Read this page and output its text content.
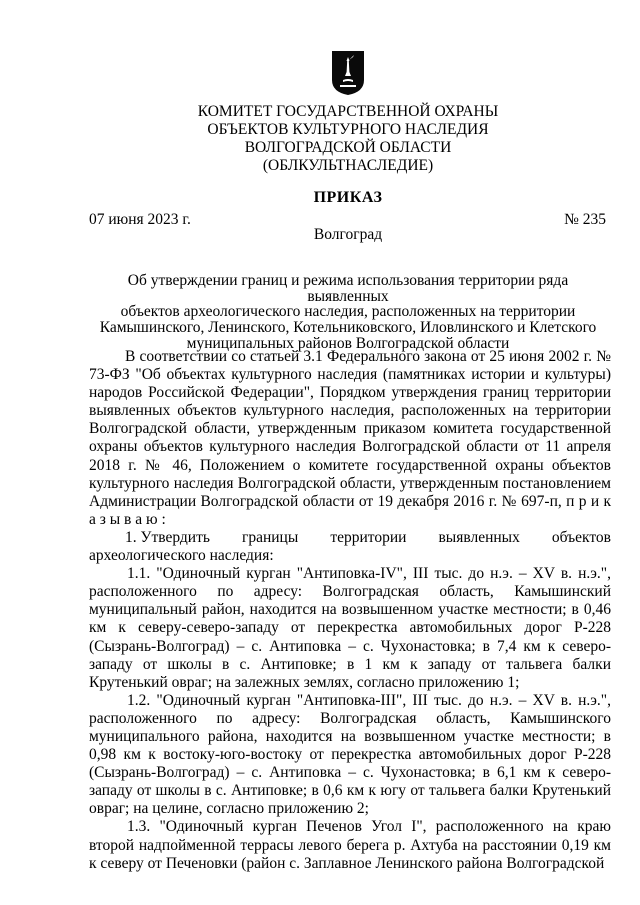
КОМИТЕТ ГОСУДАРСТВЕННОЙ ОХРАНЫ
ОБЪЕКТОВ КУЛЬТУРНОГО НАСЛЕДИЯ
ВОЛГОГРАДСКОЙ ОБЛАСТИ
(ОБЛКУЛЬТНАСЛЕДИЕ)
ПРИКАЗ
07 июня 2023 г.	№ 235
Волгоград
Об утверждении границ и режима использования территории ряда выявленных
объектов археологического наследия, расположенных на территории
Камышинского, Ленинского, Котельниковского, Иловлинского и Клетского
муниципальных районов Волгоградской области

В соответствии со статьей 3.1 Федерального закона от 25 июня 2002 г. № 73-ФЗ "Об объектах культурного наследия (памятниках истории и культуры) народов Российской Федерации", Порядком утверждения границ территории выявленных объектов культурного наследия, расположенных на территории Волгоградской области, утвержденным приказом комитета государственной охраны объектов культурного наследия Волгоградской области от 11 апреля 2018 г. № 46, Положением о комитете государственной охраны объектов культурного наследия Волгоградской области, утвержденным постановлением Администрации Волгоградской области от 19 декабря 2016 г. № 697-п, п р и к а з ы в а ю :

1. Утвердить границы территории выявленных объектов
археологического наследия:

1.1. "Одиночный курган "Антиповка-IV", III тыс. до н.э. – XV в. н.э.", расположенного по адресу: Волгоградская область, Камышинский муниципальный район, находится на возвышенном участке местности; в 0,46 км к северу-северо-западу от перекрестка автомобильных дорог Р-228 (Сызрань-Волгоград) – с. Антиповка – с. Чухонастовка; в 7,4 км к северо-западу от школы в с. Антиповке; в 1 км к западу от тальвега балки Крутенький овраг; на залежных землях, согласно приложению 1;

1.2. "Одиночный курган "Антиповка-III", III тыс. до н.э. – XV в. н.э.", расположенного по адресу: Волгоградская область, Камышинского муниципального района, находится на возвышенном участке местности; в 0,98 км к востоку-юго-востоку от перекрестка автомобильных дорог Р-228 (Сызрань-Волгоград) – с. Антиповка – с. Чухонастовка; в 6,1 км к северо-западу от школы в с. Антиповке; в 0,6 км к югу от тальвега балки Крутенький овраг; на целине, согласно приложению 2;

1.3. "Одиночный курган Печенов Угол I", расположенного на краю второй надпойменной террасы левого берега р. Ахтуба на расстоянии 0,19 км к северу от Печеновки (район с. Заплавное Ленинского района Волгоградской
